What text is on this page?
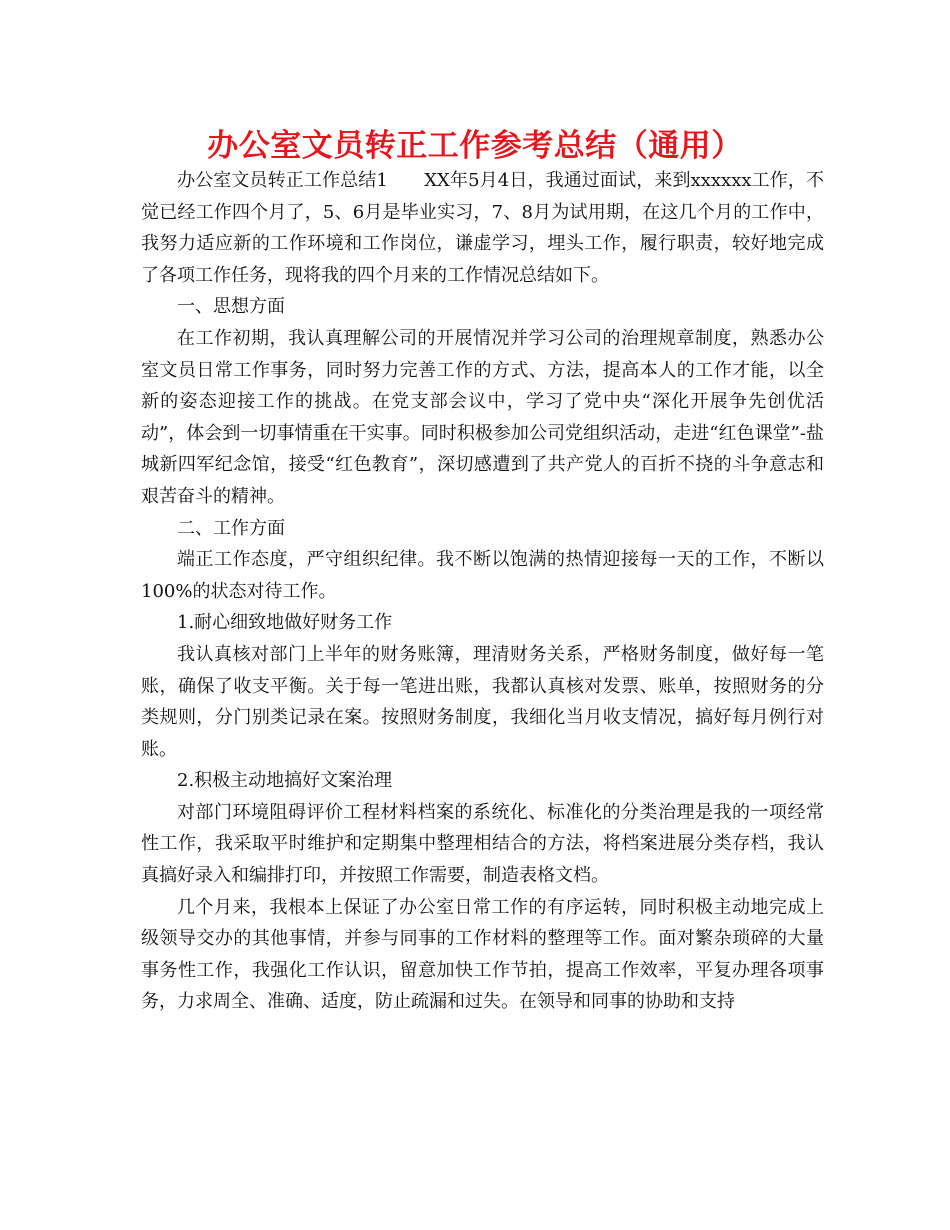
办公室文员转正工作参考总结（通用）

办公室文员转正工作总结1　　XX年5月4日，我通过面试，来到xxxxxx工作，不觉已经工作四个月了，5、6月是毕业实习，7、8月为试用期，在这几个月的工作中，我努力适应新的工作环境和工作岗位，谦虚学习，埋头工作，履行职责，较好地完成了各项工作任务，现将我的四个月来的工作情况总结如下。

一、思想方面

在工作初期，我认真理解公司的开展情况并学习公司的治理规章制度，熟悉办公室文员日常工作事务，同时努力完善工作的方式、方法，提高本人的工作才能，以全新的姿态迎接工作的挑战。在党支部会议中，学习了党中央“深化开展争先创优活动”，体会到一切事情重在干实事。同时积极参加公司党组织活动，走进“红色课堂”-盐城新四军纪念馆，接受“红色教育”，深切感遭到了共产党人的百折不挠的斗争意志和艰苦奋斗的精神。

二、工作方面

端正工作态度，严守组织纪律。我不断以饱满的热情迎接每一天的工作，不断以100%的状态对待工作。

1.耐心细致地做好财务工作

我认真核对部门上半年的财务账簿，理清财务关系，严格财务制度，做好每一笔账，确保了收支平衡。关于每一笔进出账，我都认真核对发票、账单，按照财务的分类规则，分门别类记录在案。按照财务制度，我细化当月收支情况，搞好每月例行对账。

2.积极主动地搞好文案治理

对部门环境阻碍评价工程材料档案的系统化、标准化的分类治理是我的一项经常性工作，我采取平时维护和定期集中整理相结合的方法，将档案进展分类存档，我认真搞好录入和编排打印，并按照工作需要，制造表格文档。

几个月来，我根本上保证了办公室日常工作的有序运转，同时积极主动地完成上级领导交办的其他事情，并参与同事的工作材料的整理等工作。面对繁杂琐碎的大量事务性工作，我强化工作认识，留意加快工作节拍，提高工作效率，平复办理各项事务，力求周全、准确、适度，防止疏漏和过失。在领导和同事的协助和支持
